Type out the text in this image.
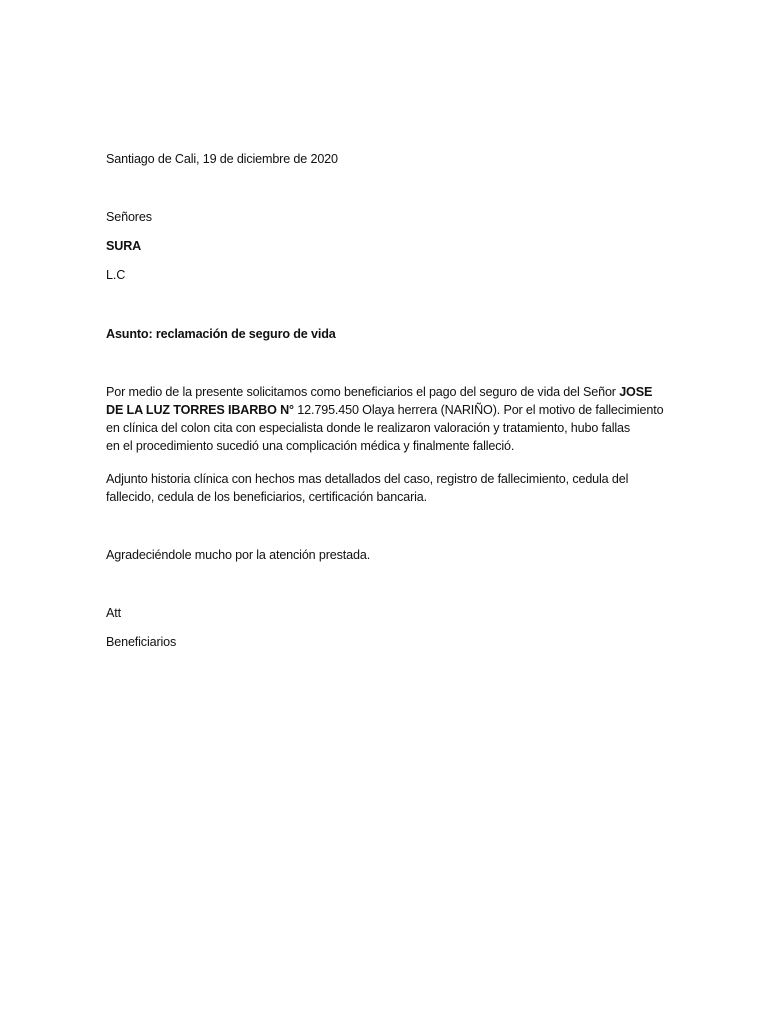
Santiago de Cali, 19 de diciembre de 2020
Señores
SURA
L.C
Asunto: reclamación de seguro de vida
Por medio de la presente solicitamos como beneficiarios el pago del seguro de vida del Señor JOSE
DE LA LUZ TORRES IBARBO N° 12.795.450 Olaya herrera (NARIÑO). Por el motivo de fallecimiento
en clínica del colon cita con especialista donde le realizaron valoración y tratamiento, hubo fallas
en el procedimiento sucedió una complicación médica y finalmente falleció.
Adjunto historia clínica con hechos mas detallados del caso, registro de fallecimiento, cedula del
fallecido, cedula de los beneficiarios, certificación bancaria.
Agradeciéndole mucho por la atención prestada.
Att
Beneficiarios
